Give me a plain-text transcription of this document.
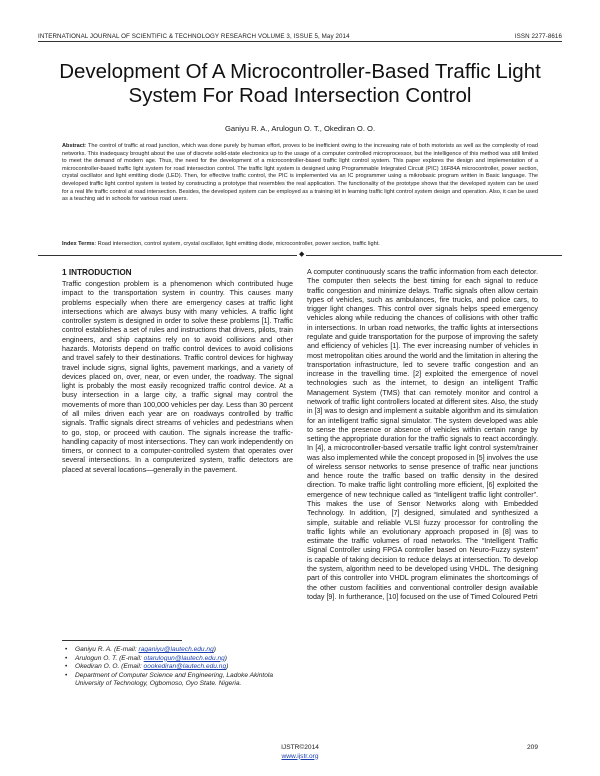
INTERNATIONAL JOURNAL OF SCIENTIFIC & TECHNOLOGY RESEARCH VOLUME 3, ISSUE 5, May 2014	ISSN 2277-8616
Development Of A Microcontroller-Based Traffic Light System For Road Intersection Control
Ganiyu R. A., Arulogun O. T., Okediran O. O.

Abstract: The control of traffic at road junction, which was done purely by human effort, proves to be inefficient owing to the increasing rate of both motorists as well as the complexity of road networks. This inadequacy brought about the use of discrete solid-state electronics up to the usage of a computer controlled microprocessor, but the intelligence of this method was still limited to meet the demand of modern age. Thus, the need for the development of a microcontroller-based traffic light control system. This paper explores the design and implementation of a microcontroller-based traffic light system for road intersection control. The traffic light system is designed using Programmable Integrated Circuit (PIC) 16F84A microcontroller, power section, crystal oscillator and light emitting diode (LED). Then, for effective traffic control, the PIC is implemented via an IC programmer using a mikrobasic program written in Basic language. The developed traffic light control system is tested by constructing a prototype that resembles the real application. The functionality of the prototype shows that the developed system can be used for a real life traffic control at road intersection. Besides, the developed system can be employed as a training kit in learning traffic light control system design and operation. Also, it can be used as a teaching aid in schools for various road users.

Index Terms: Road intersection, control system, crystal oscillator, light emitting diode, microcontroller, power section, traffic light.

◆
1 INTRODUCTION

Traffic congestion problem is a phenomenon which contributed huge impact to the transportation system in country. This causes many problems especially when there are emergency cases at traffic light intersections which are always busy with many vehicles. A traffic light controller system is designed in order to solve these problems [1]. Traffic control establishes a set of rules and instructions that drivers, pilots, train engineers, and ship captains rely on to avoid collisions and other hazards. Motorists depend on traffic control devices to avoid collisions and travel safely to their destinations. Traffic control devices for highway travel include signs, signal lights, pavement markings, and a variety of devices placed on, over, near, or even under, the roadway. The signal light is probably the most easily recognized traffic control device. At a busy intersection in a large city, a traffic signal may control the movements of more than 100,000 vehicles per day. Less than 30 percent of all miles driven each year are on roadways controlled by traffic signals. Traffic signals direct streams of vehicles and pedestrians when to go, stop, or proceed with caution. The signals increase the traffic-handling capacity of most intersections. They can work independently on timers, or connect to a computer-controlled system that operates over several intersections. In a computerized system, traffic detectors are placed at several locations—generally in the pavement.

A computer continuously scans the traffic information from each detector. The computer then selects the best timing for each signal to reduce traffic congestion and minimize delays. Traffic signals often allow certain types of vehicles, such as ambulances, fire trucks, and police cars, to trigger light changes. This control over signals helps speed emergency vehicles along while reducing the chances of collisions with other traffic in intersections. In urban road networks, the traffic lights at intersections regulate and guide transportation for the purpose of improving the safety and efficiency of vehicles [1]. The ever increasing number of vehicles in most metropolitan cities around the world and the limitation in altering the transportation infrastructure, led to severe traffic congestion and an increase in the travelling time. [2] exploited the emergence of novel technologies such as the internet, to design an intelligent Traffic Management System (TMS) that can remotely monitor and control a network of traffic light controllers located at different sites. Also, the study in [3] was to design and implement a suitable algorithm and its simulation for an intelligent traffic signal simulator. The system developed was able to sense the presence or absence of vehicles within certain range by setting the appropriate duration for the traffic signals to react accordingly. In [4], a microcontroller-based versatile traffic light control system/trainer was also implemented while the concept proposed in [5] involves the use of wireless sensor networks to sense presence of traffic near junctions and hence route the traffic based on traffic density in the desired direction. To make traffic light controlling more efficient, [6] exploited the emergence of new technique called as “Intelligent traffic light controller”. This makes the use of Sensor Networks along with Embedded Technology. In addition, [7] designed, simulated and synthesized a simple, suitable and reliable VLSI fuzzy processor for controlling the traffic lights while an evolutionary approach proposed in [8] was to estimate the traffic volumes of road networks. The “Intelligent Traffic Signal Controller using FPGA controller based on Neuro-Fuzzy system” is capable of taking decision to reduce delays at intersection. To develop the system, algorithm need to be developed using VHDL. The designing part of this controller into VHDL program eliminates the shortcomings of the other custom facilities and conventional controller design available today [9]. In furtherance, [10] focused on the use of Timed Coloured Petri

• Ganiyu R. A. (E-mail: raganiyu@lautech.edu.ng)
• Arulogun O. T. (E-mail: otarulogun@lautech.edu.ng)
• Okediran O. O. (Email: oookediran@lautech.edu.ng)
• Department of Computer Science and Engineering, Ladoke Akintola University of Technology, Ogbomoso, Oyo State. Nigeria.
209
IJSTR©2014
www.ijstr.org
